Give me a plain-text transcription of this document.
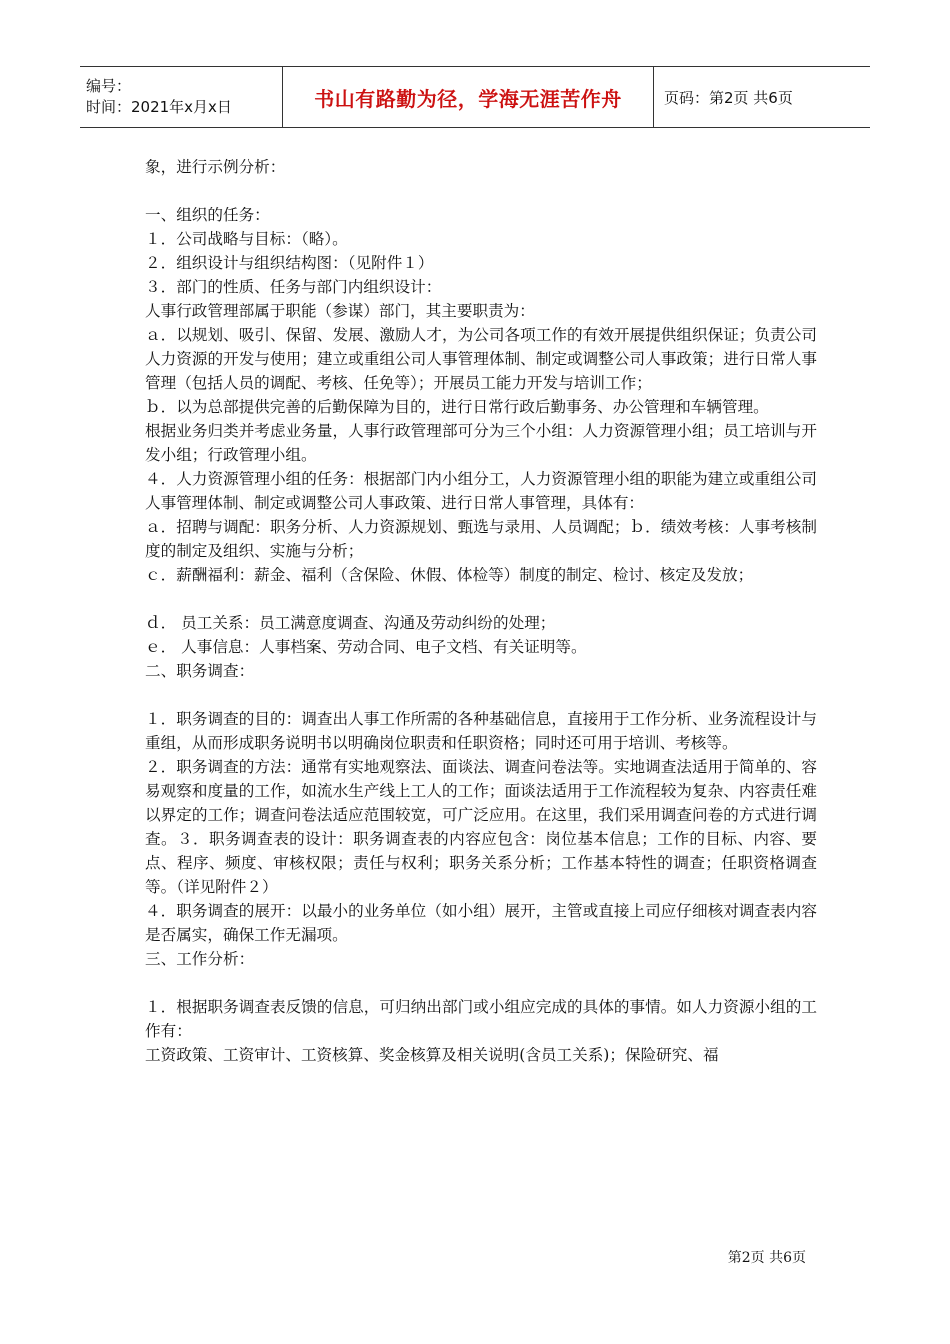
编号：
时间：2021年x月x日	书山有路勤为径，学海无涯苦作舟	页码：第2页 共6页

象，进行示例分析：

一、组织的任务：

１．公司战略与目标：（略）。

２．组织设计与组织结构图：（见附件１）

３．部门的性质、任务与部门内组织设计：

人事行政管理部属于职能（参谋）部门，其主要职责为：

ａ．以规划、吸引、保留、发展、激励人才，为公司各项工作的有效开展提供组织保证；负责公司人力资源的开发与使用；建立或重组公司人事管理体制、制定或调整公司人事政策；进行日常人事管理（包括人员的调配、考核、任免等）；开展员工能力开发与培训工作；

ｂ．以为总部提供完善的后勤保障为目的，进行日常行政后勤事务、办公管理和车辆管理。

根据业务归类并考虑业务量，人事行政管理部可分为三个小组：人力资源管理小组；员工培训与开发小组；行政管理小组。

４．人力资源管理小组的任务：根据部门内小组分工，人力资源管理小组的职能为建立或重组公司人事管理体制、制定或调整公司人事政策、进行日常人事管理，具体有：

ａ．招聘与调配：职务分析、人力资源规划、甄选与录用、人员调配；ｂ．绩效考核：人事考核制度的制定及组织、实施与分析；

ｃ．薪酬福利：薪金、福利（含保险、休假、体检等）制度的制定、检讨、核定及发放；

ｄ． 员工关系：员工满意度调查、沟通及劳动纠纷的处理；

ｅ． 人事信息：人事档案、劳动合同、电子文档、有关证明等。

二、职务调查：

１．职务调查的目的：调查出人事工作所需的各种基础信息，直接用于工作分析、业务流程设计与重组，从而形成职务说明书以明确岗位职责和任职资格；同时还可用于培训、考核等。

２．职务调查的方法：通常有实地观察法、面谈法、调查问卷法等。实地调查法适用于简单的、容易观察和度量的工作，如流水生产线上工人的工作；面谈法适用于工作流程较为复杂、内容责任难以界定的工作；调查问卷法适应范围较宽，可广泛应用。在这里，我们采用调查问卷的方式进行调查。３．职务调查表的设计：职务调查表的内容应包含：岗位基本信息；工作的目标、内容、要点、程序、频度、审核权限；责任与权利；职务关系分析；工作基本特性的调查；任职资格调查等。（详见附件２）

４．职务调查的展开：以最小的业务单位（如小组）展开，主管或直接上司应仔细核对调查表内容是否属实，确保工作无漏项。

三、工作分析：

１．根据职务调查表反馈的信息，可归纳出部门或小组应完成的具体的事情。如人力资源小组的工作有：

工资政策、工资审计、工资核算、奖金核算及相关说明(含员工关系)；保险研究、福

第2页 共6页
